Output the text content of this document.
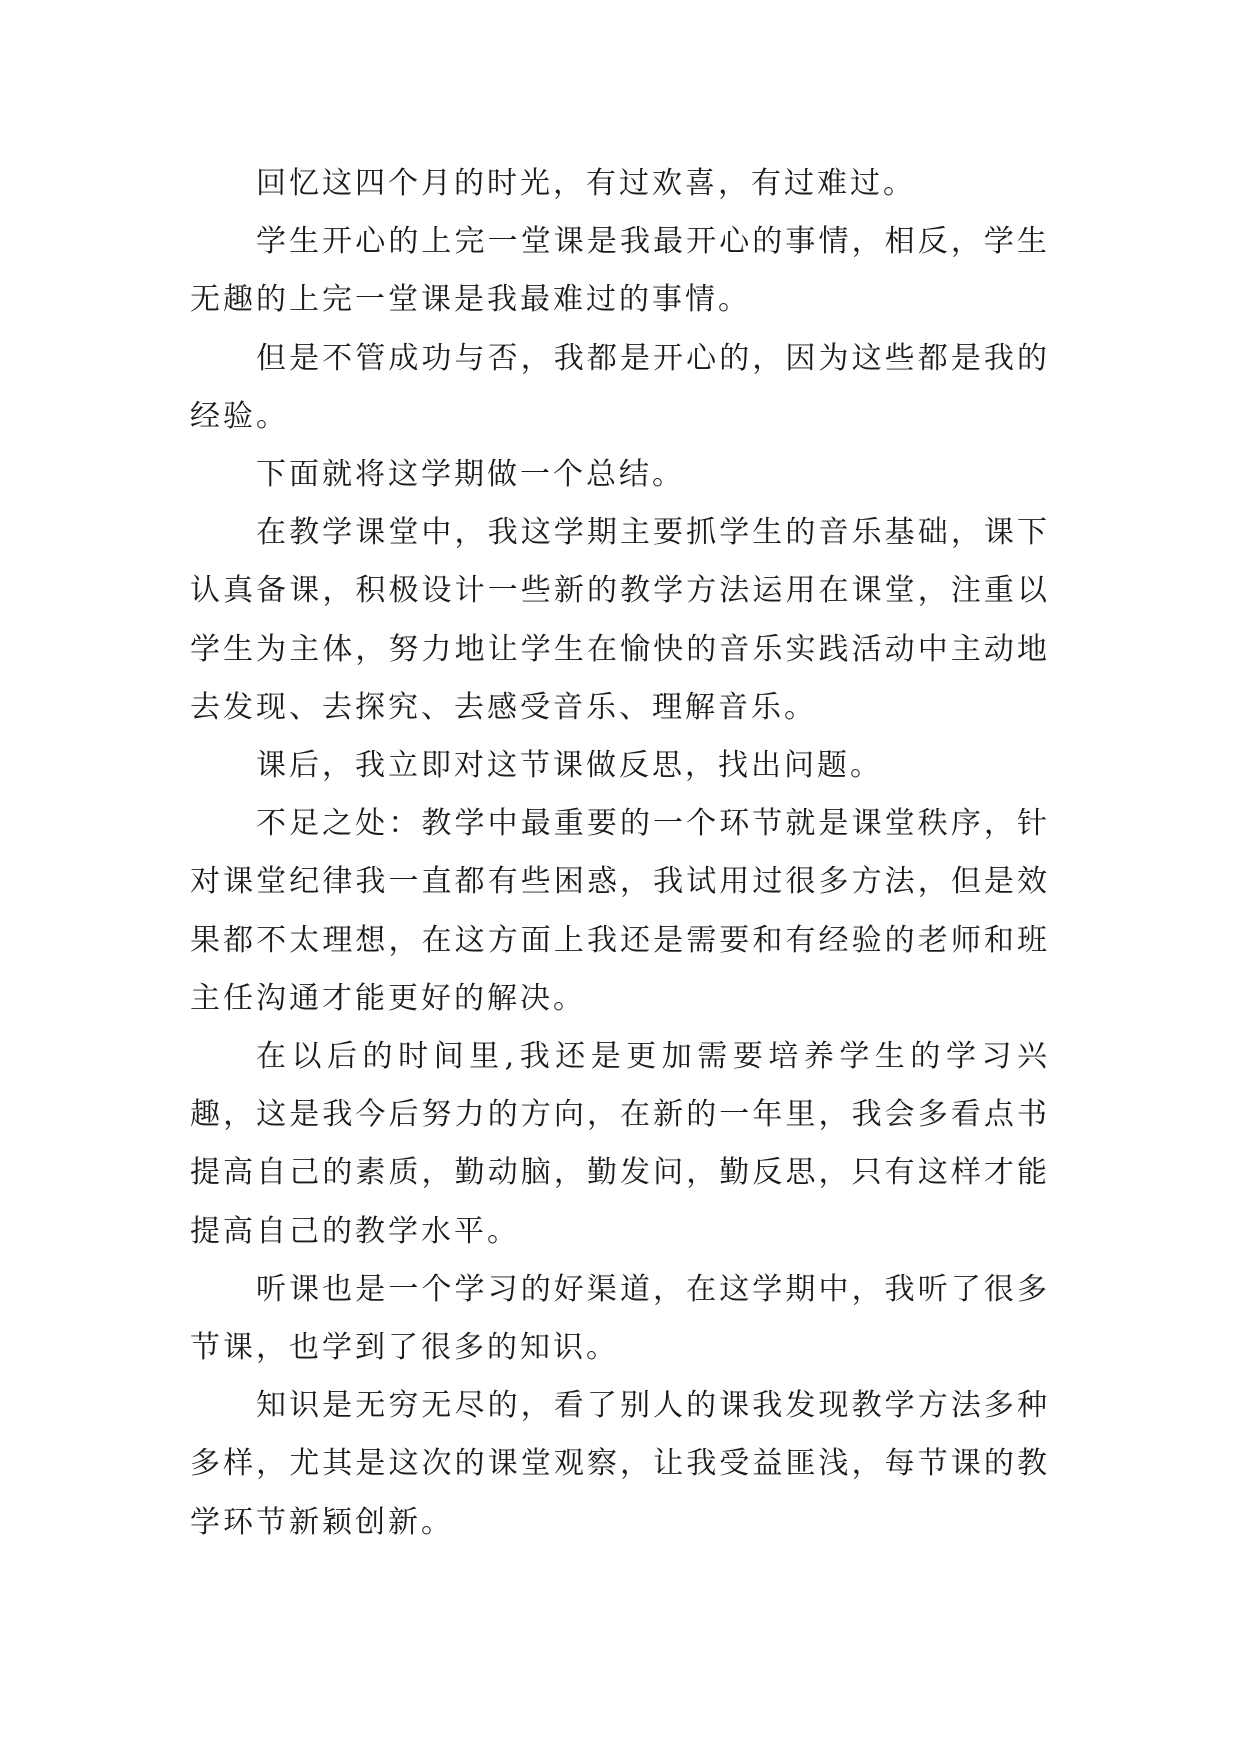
回忆这四个月的时光，有过欢喜，有过难过。

学生开心的上完一堂课是我最开心的事情，相反，学生无趣的上完一堂课是我最难过的事情。

但是不管成功与否，我都是开心的，因为这些都是我的经验。

下面就将这学期做一个总结。

在教学课堂中，我这学期主要抓学生的音乐基础，课下认真备课，积极设计一些新的教学方法运用在课堂，注重以学生为主体，努力地让学生在愉快的音乐实践活动中主动地去发现、去探究、去感受音乐、理解音乐。

课后，我立即对这节课做反思，找出问题。

不足之处：教学中最重要的一个环节就是课堂秩序，针对课堂纪律我一直都有些困惑，我试用过很多方法，但是效果都不太理想，在这方面上我还是需要和有经验的老师和班主任沟通才能更好的解决。

在以后的时间里,我还是更加需要培养学生的学习兴趣，这是我今后努力的方向，在新的一年里，我会多看点书提高自己的素质，勤动脑，勤发问，勤反思，只有这样才能提高自己的教学水平。

听课也是一个学习的好渠道，在这学期中，我听了很多节课，也学到了很多的知识。

知识是无穷无尽的，看了别人的课我发现教学方法多种多样，尤其是这次的课堂观察，让我受益匪浅，每节课的教学环节新颖创新。
